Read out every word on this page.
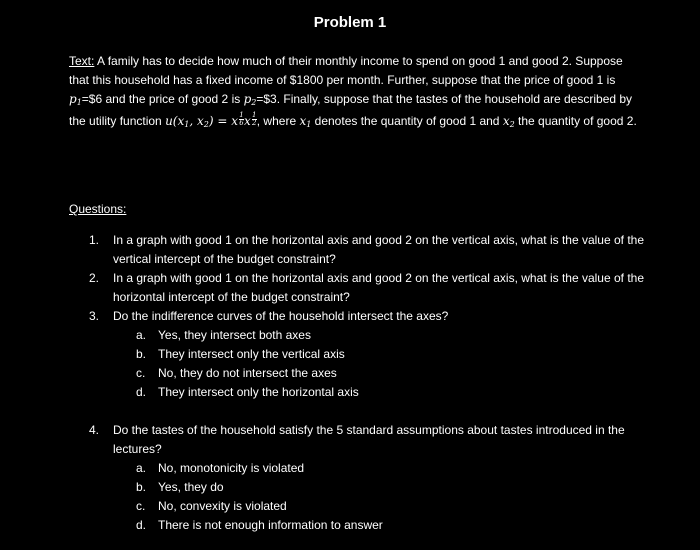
Problem 1

Text: A family has to decide how much of their monthly income to spend on good 1 and good 2. Suppose that this household has a fixed income of $1800 per month. Further, suppose that the price of good 1 is $p_1=\$6$ and the price of good 2 is $p_2=\$3$. Finally, suppose that the tastes of the household are described by the utility function $u(x_1$, $x_2) = x \frac{1}{6}$ x $\frac{1}{2}$ , where $x_1$ denotes the quantity of good 1 and $x_2$ the quantity of good 2.

Questions:
1.	In a graph with good 1 on the horizontal axis and good 2 on the vertical axis, what is the value of the vertical intercept of the budget constraint?
2.	In a graph with good 1 on the horizontal axis and good 2 on the vertical axis, what is the value of the horizontal intercept of the budget constraint?
3.	Do the indifference curves of the household intersect the axes?
a. Yes, they intersect both axes
b. They intersect only the vertical axis
c.	No, they do not intersect the axes
d. They intersect only the horizontal axis
4.	Do the tastes of the household satisfy the 5 standard assumptions about tastes introduced in the lectures?
a. No, monotonicity is violated
b. Yes, they do
c.	No, convexity is violated
d. There is not enough information to answer
